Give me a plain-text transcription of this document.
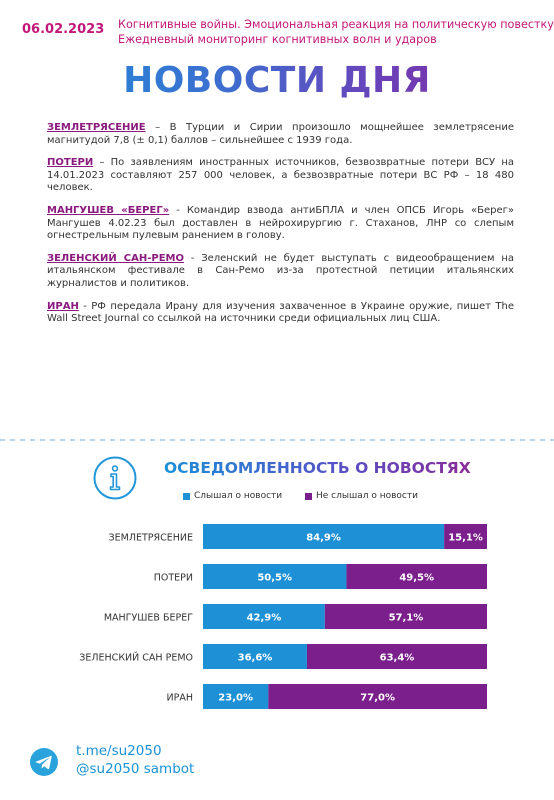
06.02.2023 Когнитивные войны. Эмоциональная реакция на политическую повестку
Ежедневный мониторинг когнитивных волн и ударов
НОВОСТИ ДНЯ

ЗЕМЛЕТРЯСЕНИЕ – В Турции и Сирии произошло мощнейшее землетрясение магнитудой 7,8 (± 0,1) баллов – сильнейшее с 1939 года.

ПОТЕРИ – По заявлениям иностранных источников, безвозвратные потери ВСУ на 14.01.2023 составляют 257 000 человек, а безвозвратные потери ВС РФ – 18 480 человек.

МАНГУШЕВ «БЕРЕГ» - Командир взвода антиБПЛА и член ОПСБ Игорь «Берег» Мангушев 4.02.23 был доставлен в нейрохирургию г. Стаханов, ЛНР со слепым огнестрельным пулевым ранением в голову.

ЗЕЛЕНСКИЙ САН-РЕМО - Зеленский не будет выступать с видеообращением на итальянском фестивале в Сан-Ремо из-за протестной петиции итальянских журналистов и политиков.

ИРАН - РФ передала Ирану для изучения захваченное в Украине оружие, пишет The Wall Street Journal со ссылкой на источники среди официальных лиц США.

ОСВЕДОМЛЕННОСТЬ О НОВОСТЯХ
Слышал о новости	Не слышал о новости
ЗЕМЛЕТРЯСЕНИЕ	84,9%	15,1%
ПОТЕРИ	50,5%	49,5%
МАНГУШЕВ БЕРЕГ	42,9%	57,1%
ЗЕЛЕНСКИЙ САН РЕМО	36,6%	63,4%
ИРАН	23,0%	77,0%
t.me/su2050
@su2050 sambot
